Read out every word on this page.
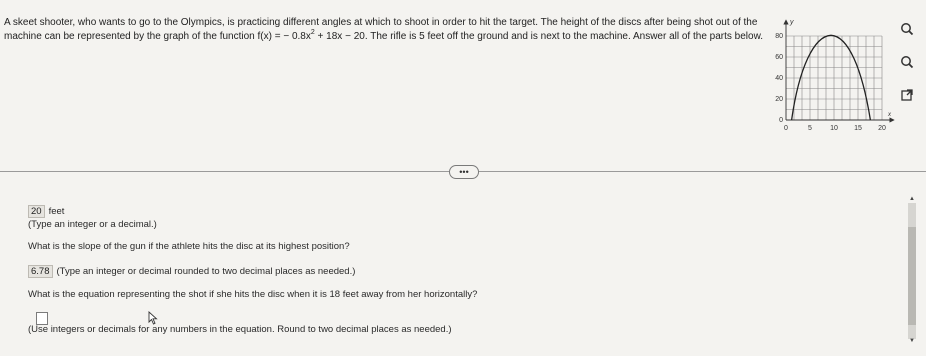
A skeet shooter, who wants to go to the Olympics, is practicing different angles at which to shoot in order to hit the target. The height of the discs after being shot out of the machine can be represented by the graph of the function f(x) = − $0.8x^2 + 18x - 20$. The rifle is 5 feet off the ground and is next to the machine. Answer all of the parts below.
y
x
80
60
40
20
0
0	5	10 15 20
•••
20 feet
(Type an integer or a decimal.)
What is the slope of the gun if the athlete hits the disc at its highest position?
6.78 (Type an integer or decimal rounded to two decimal places as needed.)
What is the equation representing the shot if she hits the disc when it is 18 feet away from her horizontally?
(Use integers or decimals for any numbers in the equation. Round to two decimal places as needed.)
▲
▼
